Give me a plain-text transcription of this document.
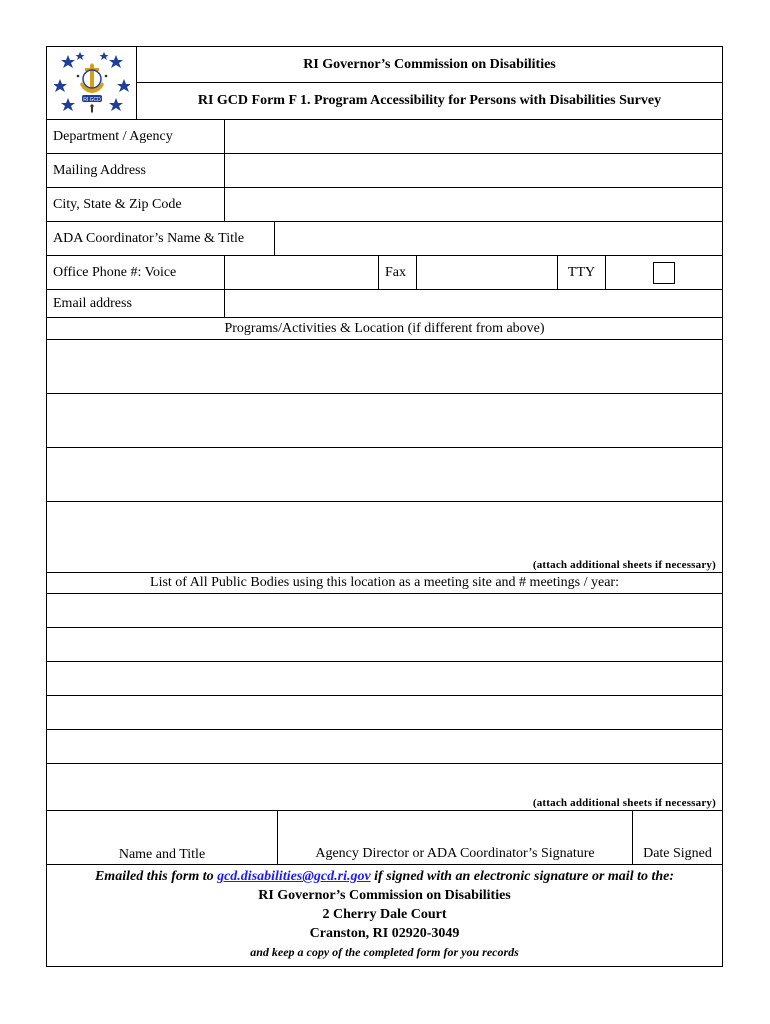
RI GCD
RI Governor’s Commission on Disabilities
RI GCD Form F 1. Program Accessibility for Persons with Disabilities Survey
Department / Agency
Mailing Address
City, State & Zip Code
ADA Coordinator’s Name & Title
Office Phone #: Voice	Fax	TTY
Email address
Programs/Activities & Location (if different from above)
(attach additional sheets if necessary)
List of All Public Bodies using this location as a meeting site and # meetings / year:
(attach additional sheets if necessary)
Name and Title	Agency Director or ADA Coordinator’s Signature	Date Signed
Emailed this form to gcd.disabilities@gcd.ri.gov if signed with an electronic signature or mail to the:
RI Governor’s Commission on Disabilities
2 Cherry Dale Court
Cranston, RI 02920-3049
and keep a copy of the completed form for you records
